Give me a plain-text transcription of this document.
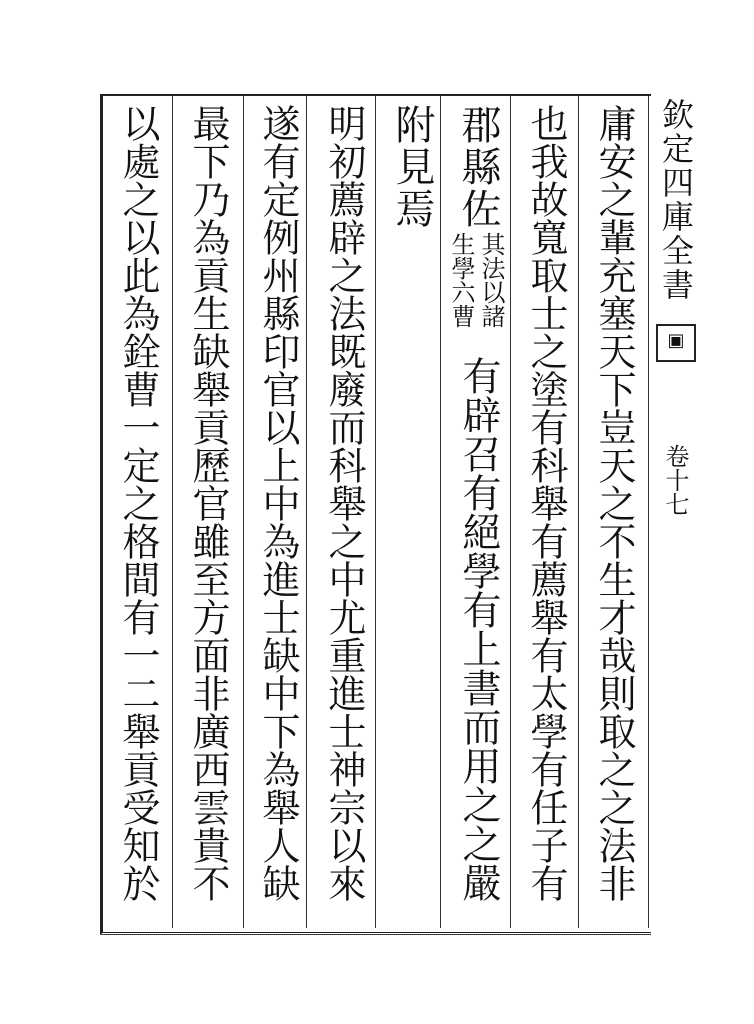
欽定四庫全書
▣
卷十七
庸安之輩充塞天下豈天之不生才哉則取之之法非
也我故寬取士之塗有科舉有薦舉有太學有任子有
郡縣佐
其法以諸
生學六曹
有辟召有絕學有上書而用之之嚴
附見焉
明初薦辟之法既廢而科舉之中尤重進士神宗以來
遂有定例州縣印官以上中為進士缺中下為舉人缺
最下乃為貢生缺舉貢歷官雖至方面非廣西雲貴不
以處之以此為銓曹一定之格間有一二舉貢受知於
